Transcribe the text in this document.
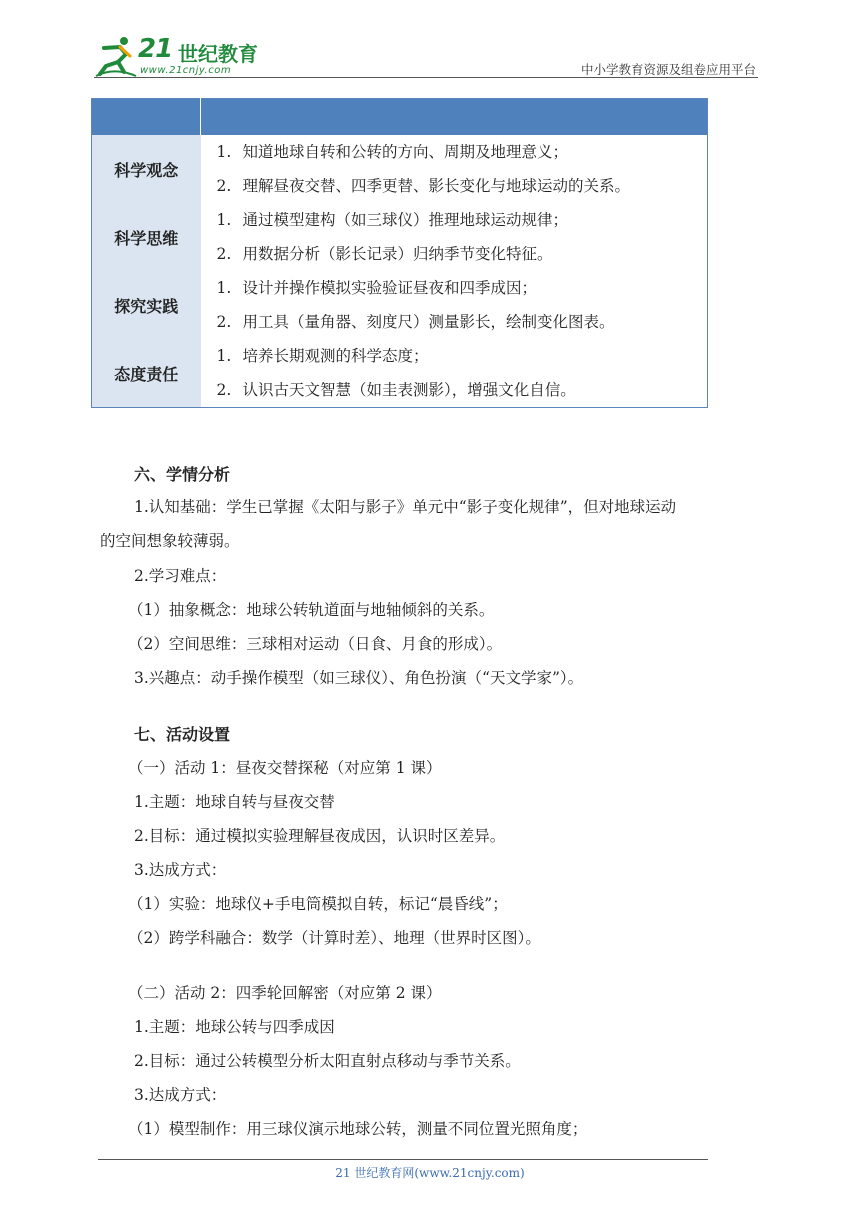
21 世纪教育
www.21cnjy.com	中小学教育资源及组卷应用平台

科学观念	1. 知道地球自转和公转的方向、周期及地理意义；
2. 理解昼夜交替、四季更替、影长变化与地球运动的关系。

科学思维	1. 通过模型建构（如三球仪）推理地球运动规律；
2. 用数据分析（影长记录）归纳季节变化特征。

探究实践	1. 设计并操作模拟实验验证昼夜和四季成因；
2. 用工具（量角器、刻度尺）测量影长，绘制变化图表。

态度责任	1. 培养长期观测的科学态度；
2. 认识古天文智慧（如圭表测影），增强文化自信。
六、学情分析
1.认知基础：学生已掌握《太阳与影子》单元中“影子变化规律”，但对地球运动
的空间想象较薄弱。
2.学习难点：
（1）抽象概念：地球公转轨道面与地轴倾斜的关系。
（2）空间思维：三球相对运动（日食、月食的形成）。
3.兴趣点：动手操作模型（如三球仪）、角色扮演（“天文学家”）。
七、活动设置
（一）活动 1：昼夜交替探秘（对应第 1 课）
1.主题：地球自转与昼夜交替
2.目标：通过模拟实验理解昼夜成因，认识时区差异。
3.达成方式：
（1）实验：地球仪+手电筒模拟自转，标记“晨昏线”；
（2）跨学科融合：数学（计算时差）、地理（世界时区图）。
（二）活动 2：四季轮回解密（对应第 2 课）
1.主题：地球公转与四季成因
2.目标：通过公转模型分析太阳直射点移动与季节关系。
3.达成方式：
（1）模型制作：用三球仪演示地球公转，测量不同位置光照角度；
21 世纪教育网(www.21cnjy.com)
